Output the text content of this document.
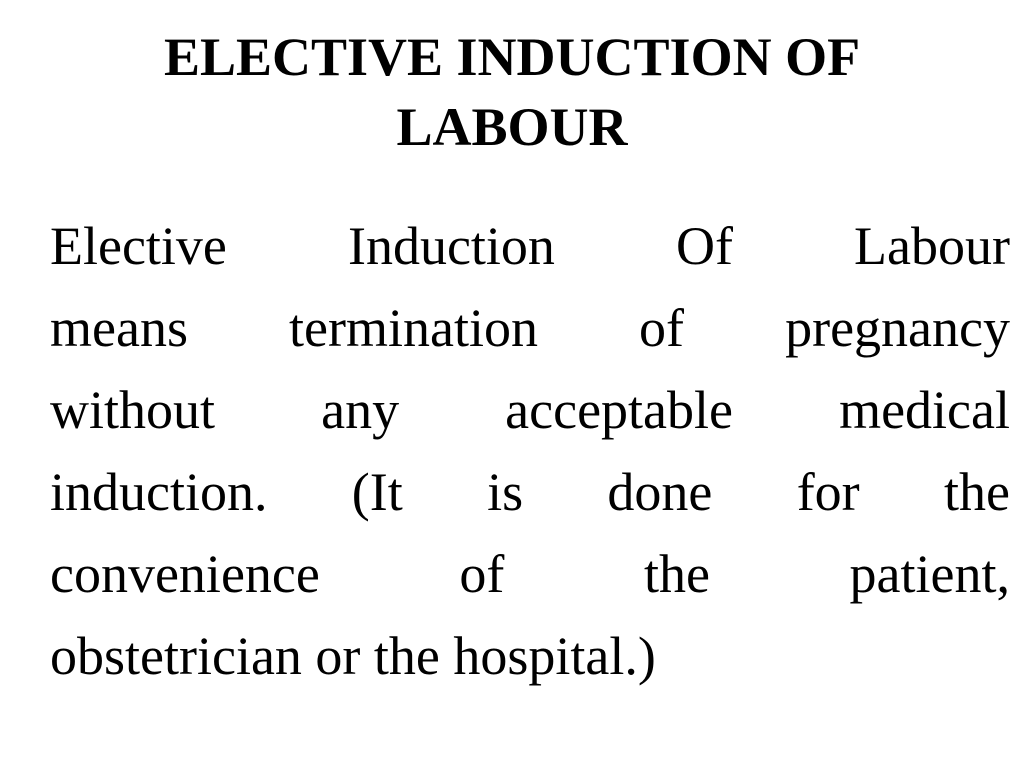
ELECTIVE INDUCTION OF
LABOUR
Elective Induction Of Labour
means termination of pregnancy
without any acceptable medical
induction. (It is done for the
convenience	of	the	patient,
obstetrician or the hospital.)
